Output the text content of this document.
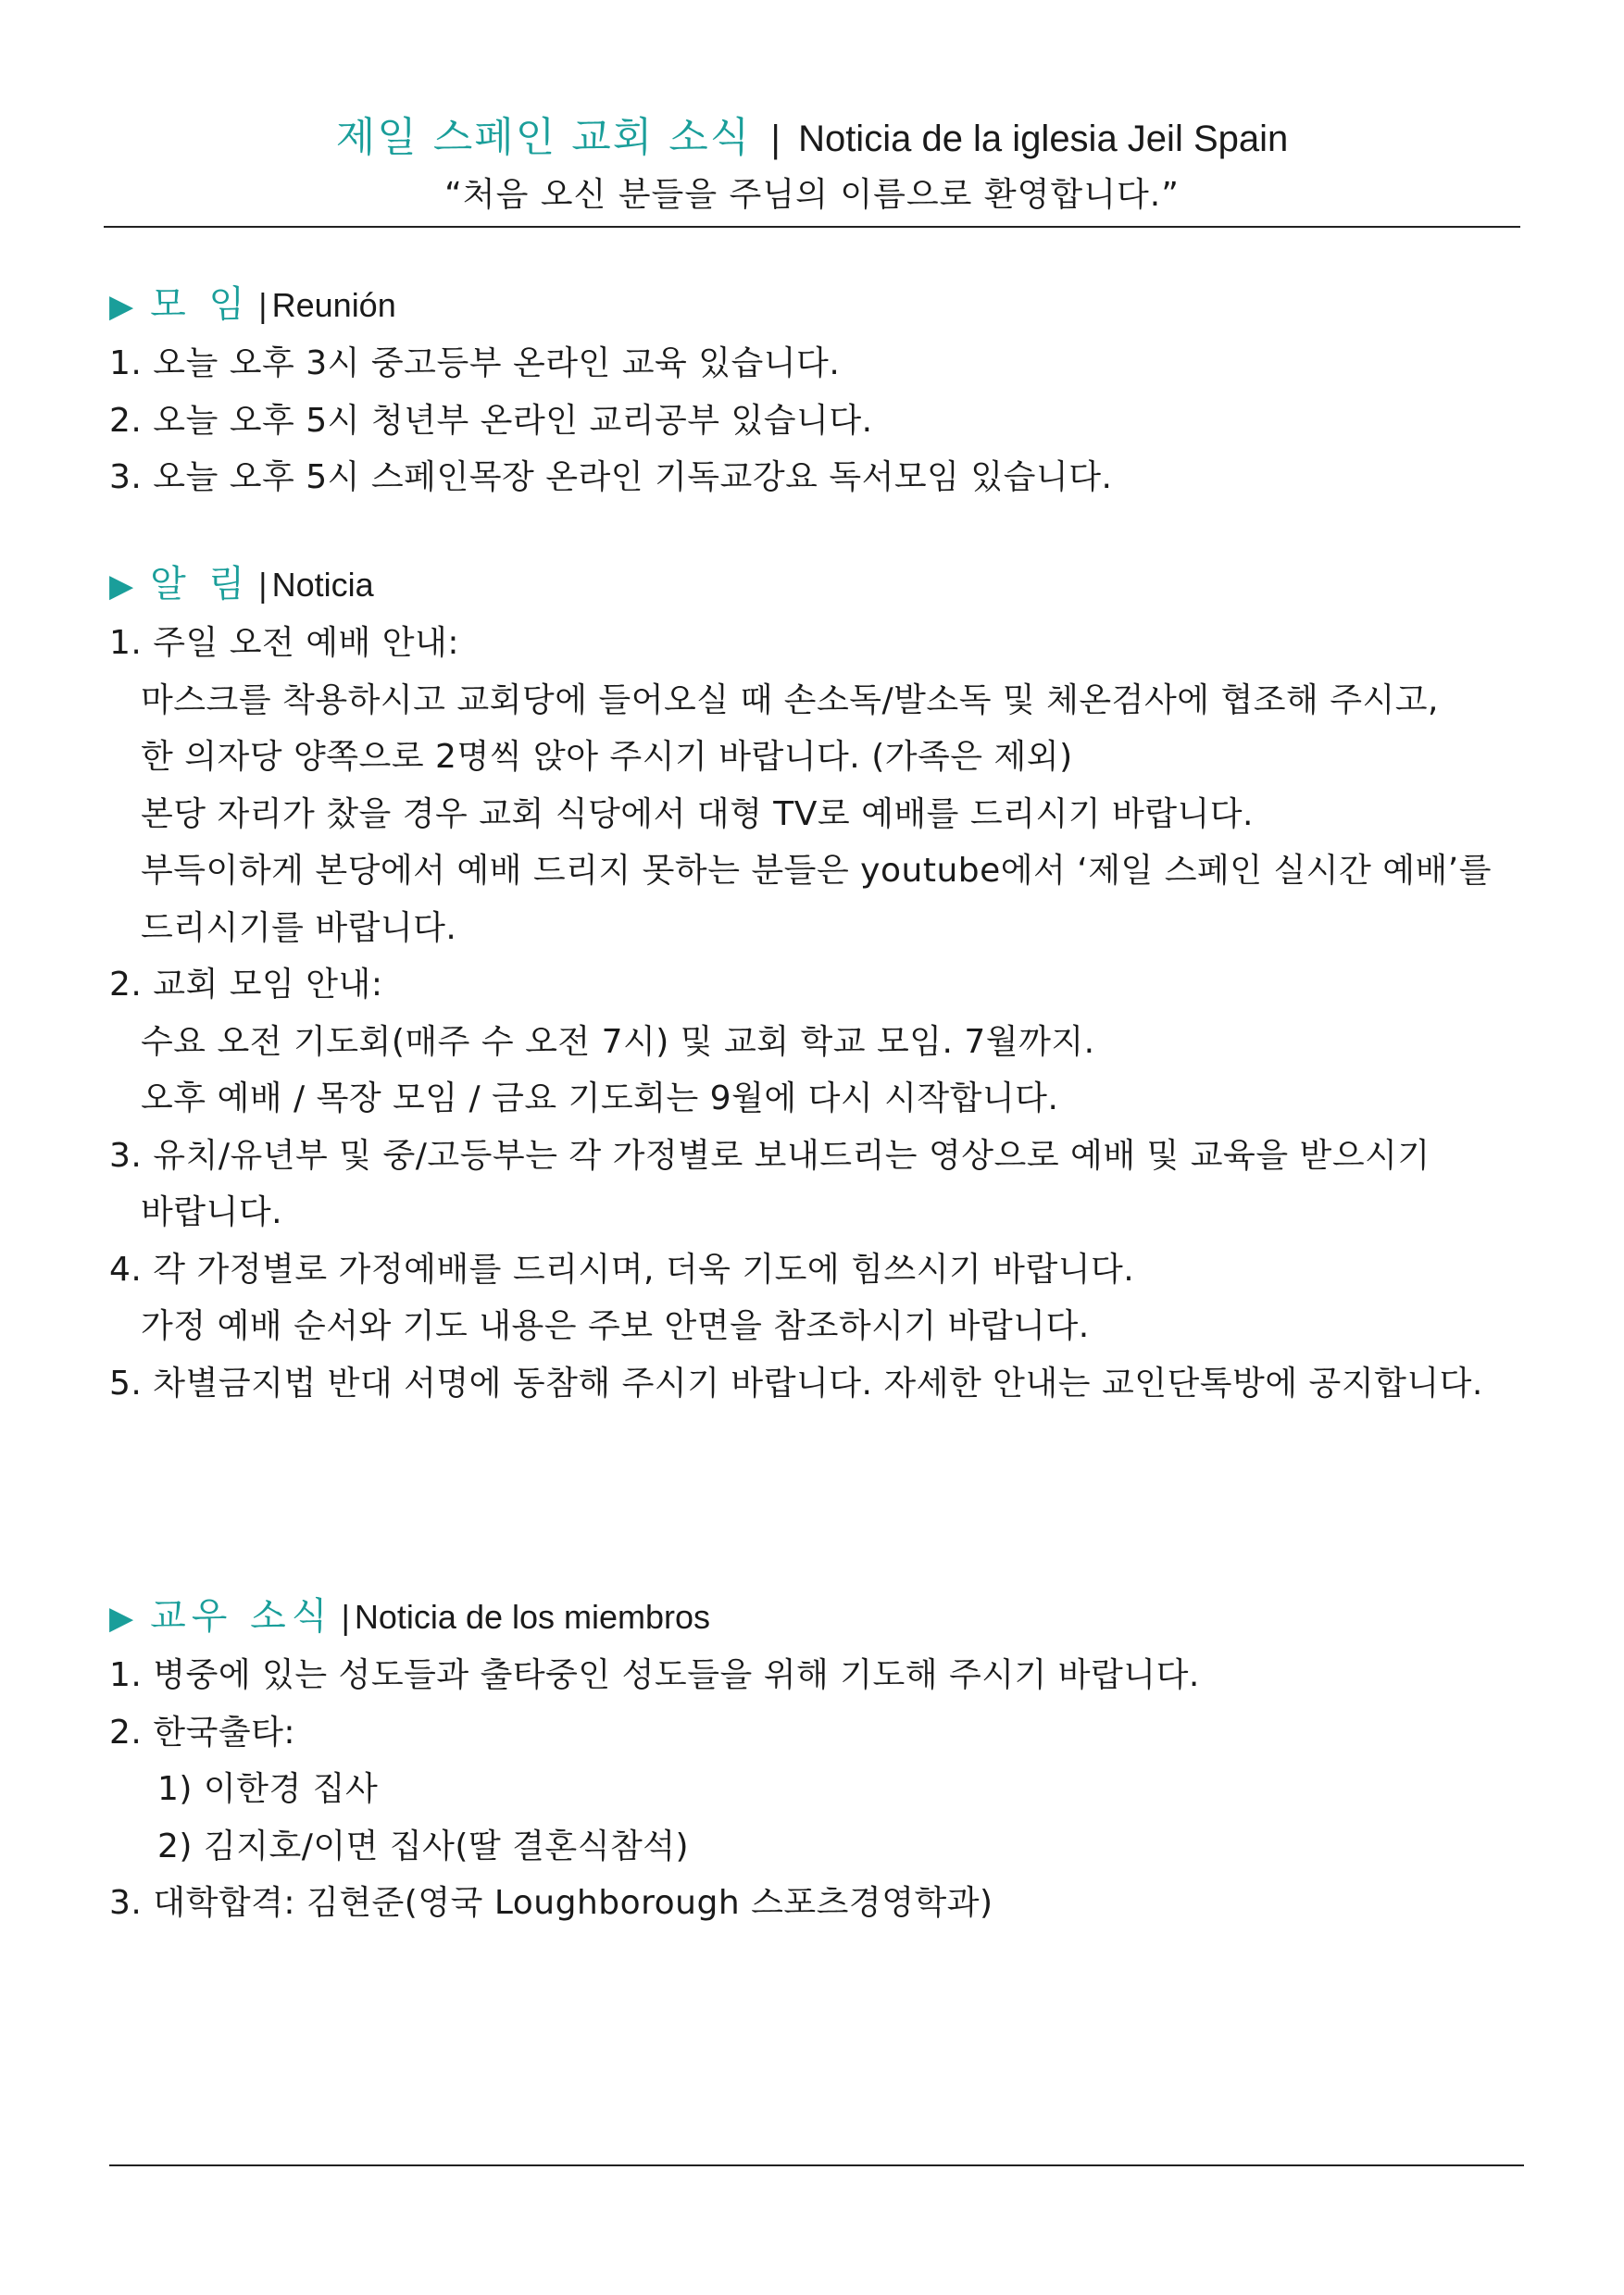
제일 스페인 교회 소식 | Noticia de la iglesia Jeil Spain
“처음 오신 분들을 주님의 이름으로 환영합니다.”
▶ 모 임 | Reunión
1. 오늘 오후 3시 중고등부 온라인 교육 있습니다.
2. 오늘 오후 5시 청년부 온라인 교리공부 있습니다.
3. 오늘 오후 5시 스페인목장 온라인 기독교강요 독서모임 있습니다.
▶ 알 림 | Noticia
1. 주일 오전 예배 안내:
마스크를 착용하시고 교회당에 들어오실 때 손소독/발소독 및 체온검사에 협조해 주시고,
한 의자당 양쪽으로 2명씩 앉아 주시기 바랍니다. (가족은 제외)
본당 자리가 찼을 경우 교회 식당에서 대형 TV로 예배를 드리시기 바랍니다.
부득이하게 본당에서 예배 드리지 못하는 분들은 youtube에서 ‘제일 스페인 실시간 예배’를
드리시기를 바랍니다.
2. 교회 모임 안내:
수요 오전 기도회(매주 수 오전 7시) 및 교회 학교 모임. 7월까지.
오후 예배 / 목장 모임 / 금요 기도회는 9월에 다시 시작합니다.
3. 유치/유년부 및 중/고등부는 각 가정별로 보내드리는 영상으로 예배 및 교육을 받으시기
바랍니다.
4. 각 가정별로 가정예배를 드리시며, 더욱 기도에 힘쓰시기 바랍니다.
가정 예배 순서와 기도 내용은 주보 안면을 참조하시기 바랍니다.
5. 차별금지법 반대 서명에 동참해 주시기 바랍니다. 자세한 안내는 교인단톡방에 공지합니다.
▶ 교우 소식 | Noticia de los miembros
1. 병중에 있는 성도들과 출타중인 성도들을 위해 기도해 주시기 바랍니다.
2. 한국출타:
1) 이한경 집사
2) 김지호/이면 집사(딸 결혼식참석)
3. 대학합격: 김현준(영국 Loughborough 스포츠경영학과)
